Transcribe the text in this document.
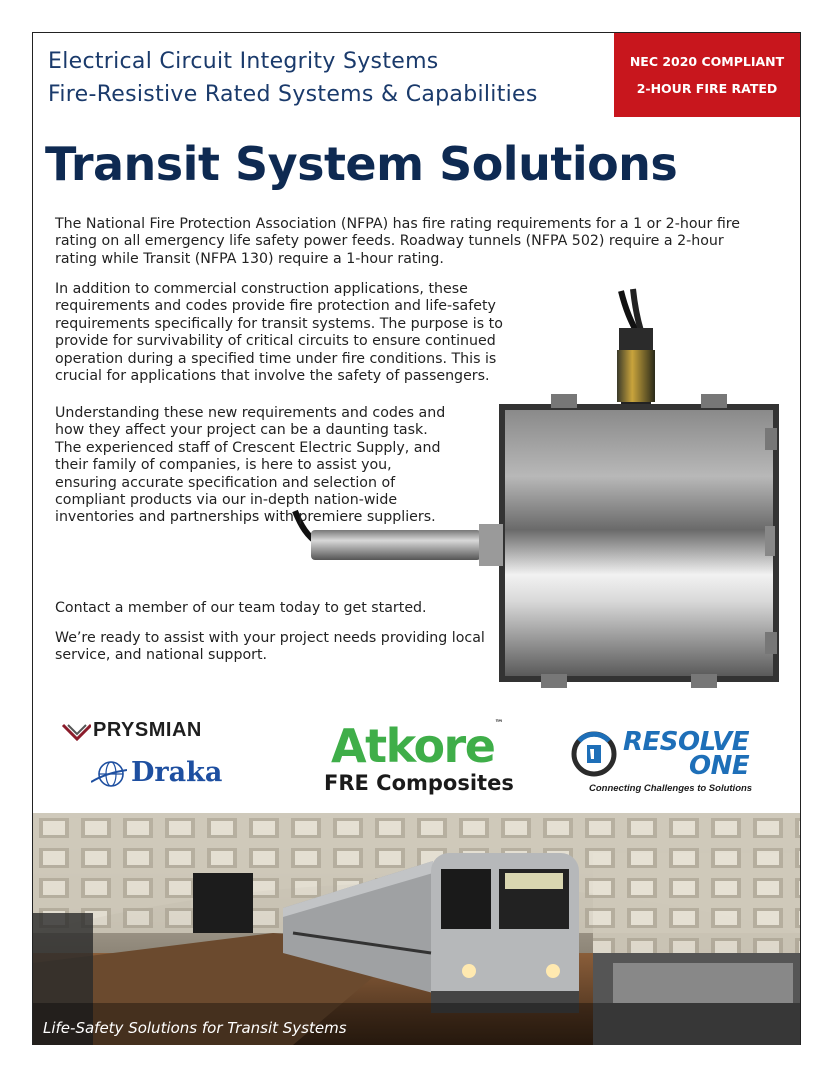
Electrical Circuit Integrity Systems
Fire-Resistive Rated Systems & Capabilities
NEC 2020 COMPLIANT
2-HOUR FIRE RATED
Transit System Solutions

The National Fire Protection Association (NFPA) has fire rating requirements for a 1 or 2-hour fire rating on all emergency life safety power feeds. Roadway tunnels (NFPA 502) require a 2-hour rating while Transit (NFPA 130) require a 1-hour rating.

In addition to commercial construction applications, these requirements and codes provide fire protection and life-safety requirements specifically for transit systems. The purpose is to provide for survivability of critical circuits to ensure continued operation during a specified time under fire conditions. This is crucial for applications that involve the safety of passengers.

Understanding these new requirements and codes and how they affect your project can be a daunting task. The experienced staff of Crescent Electric Supply, and their family of companies, is here to assist you, ensuring accurate specification and selection of compliant products via our in-depth nation-wide inventories and partnerships with premiere suppliers.

Contact a member of our team today to get started.

We’re ready to assist with your project needs providing local service, and national support.

PRYSMIAN
Draka Atkore™
FRE Composites
RESOLVE
ONE
Connecting Challenges to Solutions
Life-Safety Solutions for Transit Systems
